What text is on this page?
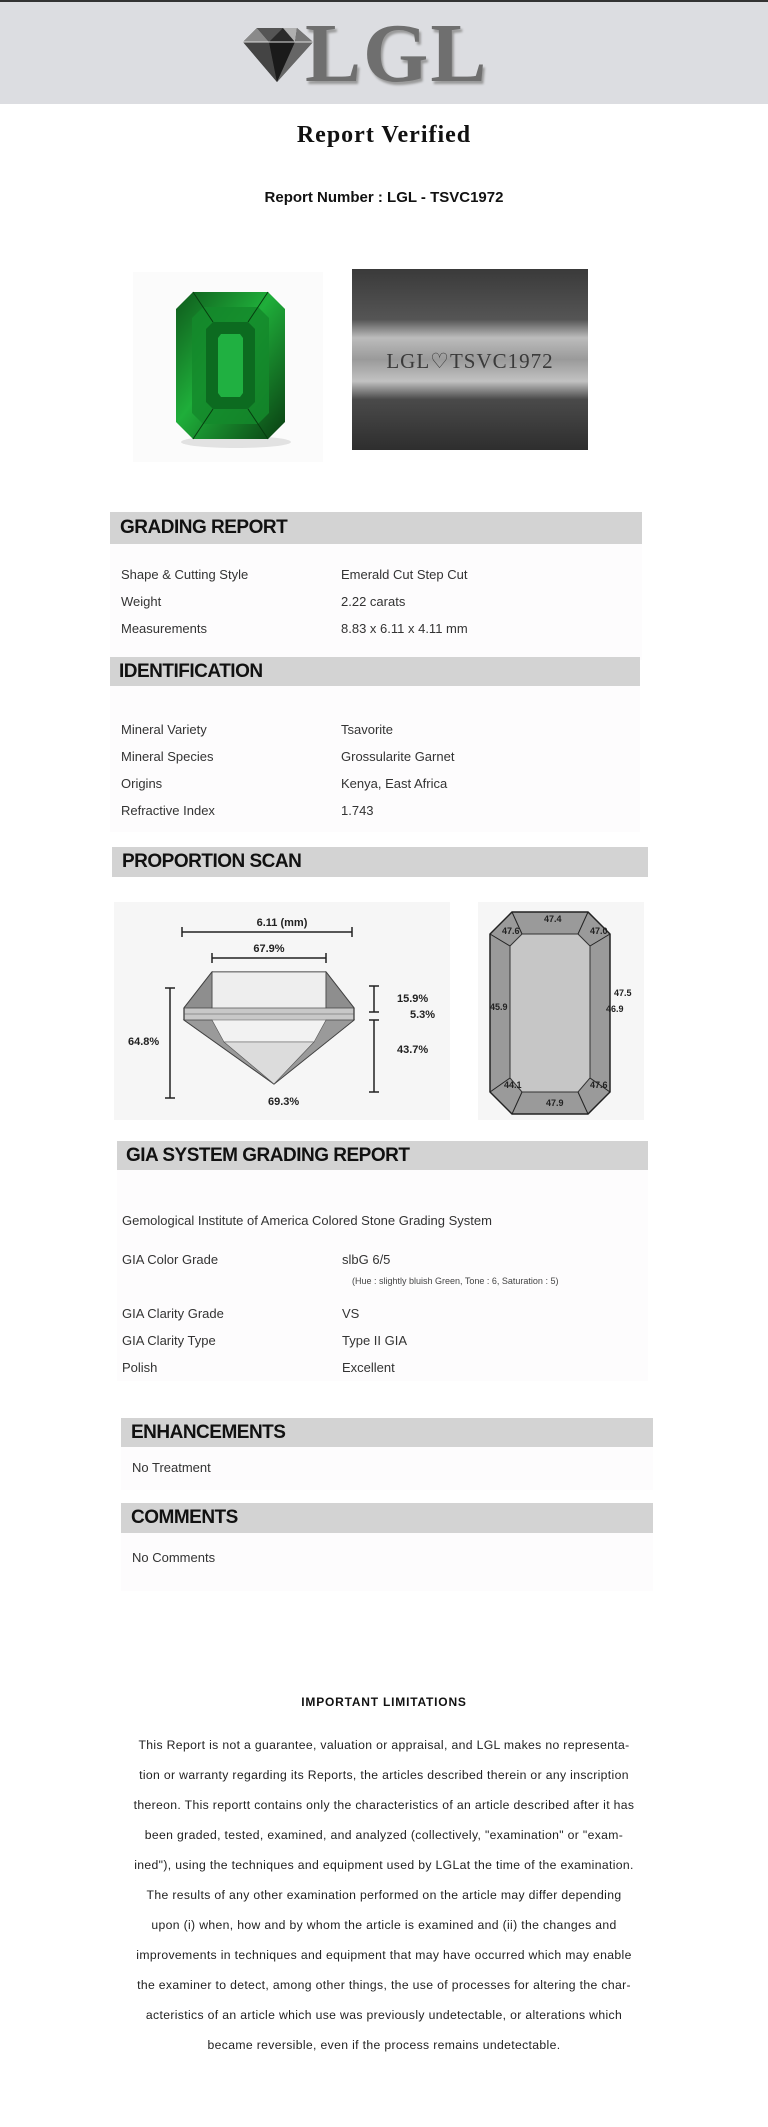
LGL
Report Verified
Report Number : LGL - TSVC1972
LGL♡TSVC1972
GRADING REPORT
Shape & Cutting Style	Emerald Cut Step Cut
Weight	2.22 carats
Measurements	8.83 x 6.11 x 4.11 mm
IDENTIFICATION
Mineral Variety	Tsavorite
Mineral Species	Grossularite Garnet
Origins	Kenya, East Africa
Refractive Index	1.743
PROPORTION SCAN
6.11 (mm)
67.9%
64.8%
15.9%
5.3%
43.7%
69.3%
47.6
47.4
47.0
47.5
46.9
45.9
44.1
47.9
47.6
GIA SYSTEM GRADING REPORT
Gemological Institute of America Colored Stone Grading System
GIA Color Grade	slbG 6/5
(Hue : slightly bluish Green, Tone : 6, Saturation : 5)
GIA Clarity Grade	VS
GIA Clarity Type	Type II GIA
Polish	Excellent
ENHANCEMENTS
No Treatment
COMMENTS
No Comments
IMPORTANT LIMITATIONS
This Report is not a guarantee, valuation or appraisal, and LGL makes no representa-
tion or warranty regarding its Reports, the articles described therein or any inscription
thereon. This reportt contains only the characteristics of an article described after it has
been graded, tested, examined, and analyzed (collectively, "examination" or "exam-
ined"), using the techniques and equipment used by LGLat the time of the examination.
The results of any other examination performed on the article may differ depending
upon (i) when, how and by whom the article is examined and (ii) the changes and
improvements in techniques and equipment that may have occurred which may enable
the examiner to detect, among other things, the use of processes for altering the char-
acteristics of an article which use was previously undetectable, or alterations which
became reversible, even if the process remains undetectable.
